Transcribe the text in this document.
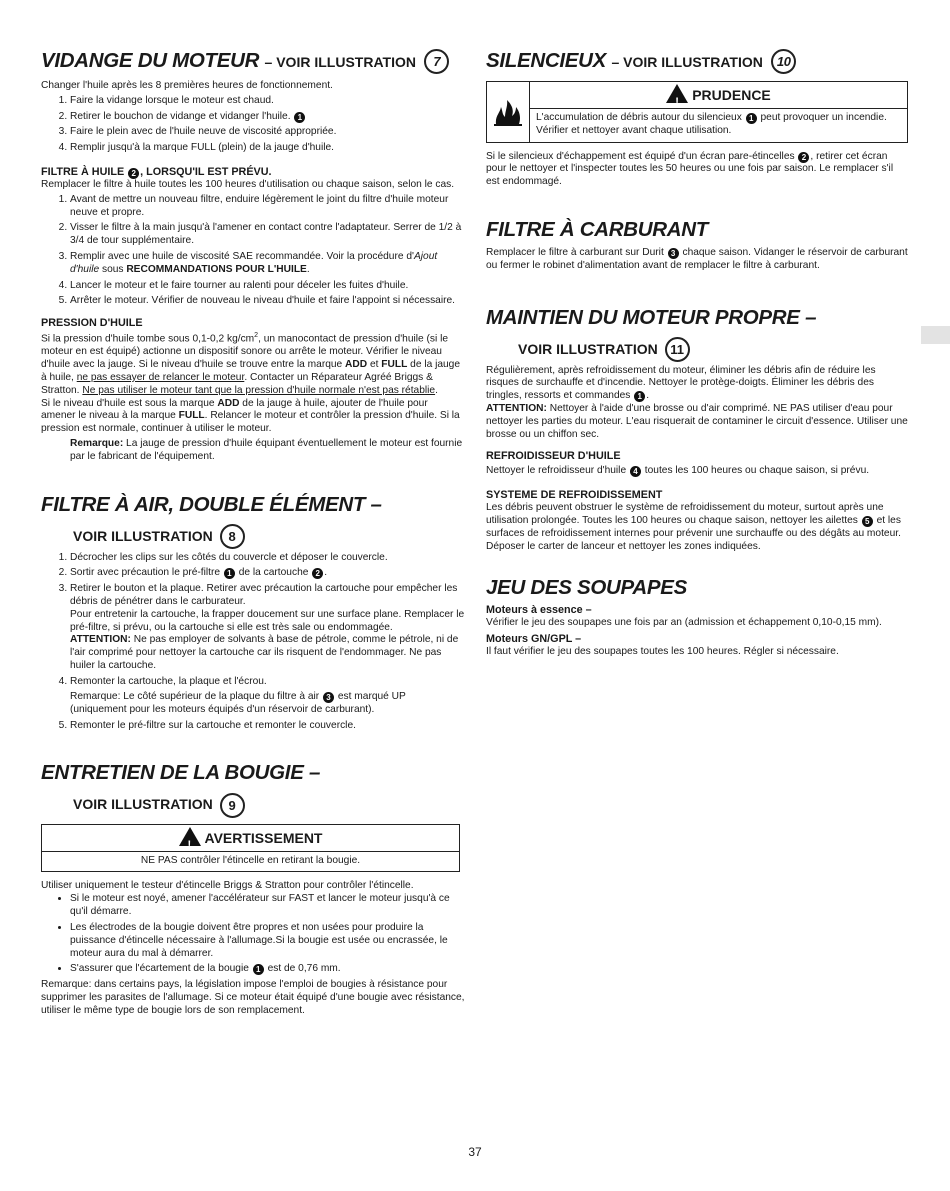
VIDANGE DU MOTEUR – VOIR ILLUSTRATION 7

Changer l'huile après les 8 premières heures de fonctionnement.

1. Faire la vidange lorsque le moteur est chaud.
2. Retirer le bouchon de vidange et vidanger l'huile. 1
3. Faire le plein avec de l'huile neuve de viscosité appropriée.
4. Remplir jusqu'à la marque FULL (plein) de la jauge d'huile.
FILTRE À HUILE 2 , LORSQU'IL EST PRÉVU.

Remplacer le filtre à huile toutes les 100 heures d'utilisation ou chaque saison, selon le cas.

1. Avant de mettre un nouveau filtre, enduire légèrement le joint du filtre d'huile moteur neuve et propre.
2. Visser le filtre à la main jusqu'à l'amener en contact contre l'adaptateur. Serrer de 1/2 à 3/4 de tour supplémentaire.
3. Remplir avec une huile de viscosité SAE recommandée. Voir la procédure d'Ajout d'huile sous RECOMMANDATIONS POUR L'HUILE.
4. Lancer le moteur et le faire tourner au ralenti pour déceler les fuites d'huile.
5. Arrêter le moteur. Vérifier de nouveau le niveau d'huile et faire l'appoint si nécessaire.
PRESSION D'HUILE

Si la pression d'huile tombe sous 0,1-0,2 $kg/cm^2$, un manocontact de pression d'huile (si le moteur en est équipé) actionne un dispositif sonore ou arrête le moteur. Vérifier le niveau d'huile avec la jauge. Si le niveau d'huile se trouve entre la marque ADD et FULL de la jauge à huile, ne pas essayer de relancer le moteur. Contacter un Réparateur Agréé Briggs & Stratton. Ne pas utiliser le moteur tant que la pression d'huile normale n'est pas rétablie.

Si le niveau d'huile est sous la marque ADD de la jauge à huile, ajouter de l'huile pour amener le niveau à la marque FULL. Relancer le moteur et contrôler la pression d'huile. Si la pression est normale, continuer à utiliser le moteur.

Remarque: La jauge de pression d'huile équipant éventuellement le moteur est fournie par le fabricant de l'équipement.

FILTRE À AIR, DOUBLE ÉLÉMENT –
VOIR ILLUSTRATION 8
1. Décrocher les clips sur les côtés du couvercle et déposer le couvercle.
2. Sortir avec précaution le pré-filtre 1 de la cartouche 2 .
3. Retirer le bouton et la plaque. Retirer avec précaution la cartouche pour empêcher les débris de pénétrer dans le carburateur.
Pour entretenir la cartouche, la frapper doucement sur une surface plane. Remplacer le pré-filtre, si prévu, ou la cartouche si elle est très sale ou endommagée.
ATTENTION: Ne pas employer de solvants à base de pétrole, comme le pétrole, ni de l'air comprimé pour nettoyer la cartouche car ils risquent de l'endommager. Ne pas huiler la cartouche.
4. Remonter la cartouche, la plaque et l'écrou.
Remarque: Le côté supérieur de la plaque du filtre à air 3 est marqué UP (uniquement pour les moteurs équipés d'un réservoir de carburant).
5. Remonter le pré-filtre sur la cartouche et remonter le couvercle.
ENTRETIEN DE LA BOUGIE –
VOIR ILLUSTRATION 9
! AVERTISSEMENT
NE PAS contrôler l'étincelle en retirant la bougie.

Utiliser uniquement le testeur d'étincelle Briggs & Stratton pour contrôler l'étincelle.

• Si le moteur est noyé, amener l'accélérateur sur FAST et lancer le moteur jusqu'à ce qu'il démarre.
• Les électrodes de la bougie doivent être propres et non usées pour produire la puissance d'étincelle nécessaire à l'allumage.Si la bougie est usée ou encrassée, le moteur aura du mal à démarrer.
• S'assurer que l'écartement de la bougie 1 est de 0,76 mm.

Remarque: dans certains pays, la législation impose l'emploi de bougies à résistance pour supprimer les parasites de l'allumage. Si ce moteur était équipé d'une bougie avec résistance, utiliser le même type de bougie lors de son remplacement.

SILENCIEUX – VOIR ILLUSTRATION 10
! PRUDENCE
L'accumulation de débris autour du silencieux 1 peut provoquer un incendie. Vérifier et nettoyer avant chaque utilisation.

Si le silencieux d'échappement est équipé d'un écran pare-étincelles 2 , retirer cet écran pour le nettoyer et l'inspecter toutes les 50 heures ou une fois par saison. Le remplacer s'il est endommagé.

FILTRE À CARBURANT

Remplacer le filtre à carburant sur Durit 3 chaque saison. Vidanger le réservoir de carburant ou fermer le robinet d'alimentation avant de remplacer le filtre à carburant.

MAINTIEN DU MOTEUR PROPRE –
VOIR ILLUSTRATION 11

Régulièrement, après refroidissement du moteur, éliminer les débris afin de réduire les risques de surchauffe et d'incendie. Nettoyer le protège-doigts. Éliminer les débris des tringles, ressorts et commandes 1 .

ATTENTION: Nettoyer à l'aide d'une brosse ou d'air comprimé. NE PAS utiliser d'eau pour nettoyer les parties du moteur. L'eau risquerait de contaminer le circuit d'essence. Utiliser une brosse ou un chiffon sec.

REFROIDISSEUR D'HUILE

Nettoyer le refroidisseur d'huile 4 toutes les 100 heures ou chaque saison, si prévu.

SYSTEME DE REFROIDISSEMENT

Les débris peuvent obstruer le système de refroidissement du moteur, surtout après une utilisation prolongée. Toutes les 100 heures ou chaque saison, nettoyer les ailettes 5 et les surfaces de refroidissement internes pour prévenir une surchauffe ou des dégâts au moteur. Déposer le carter de lanceur et nettoyer les zones indiquées.

JEU DES SOUPAPES
Moteurs à essence –

Vérifier le jeu des soupapes une fois par an (admission et échappement 0,10-0,15 mm).

Moteurs GN/GPL –

Il faut vérifier le jeu des soupapes toutes les 100 heures. Régler si nécessaire.

37
